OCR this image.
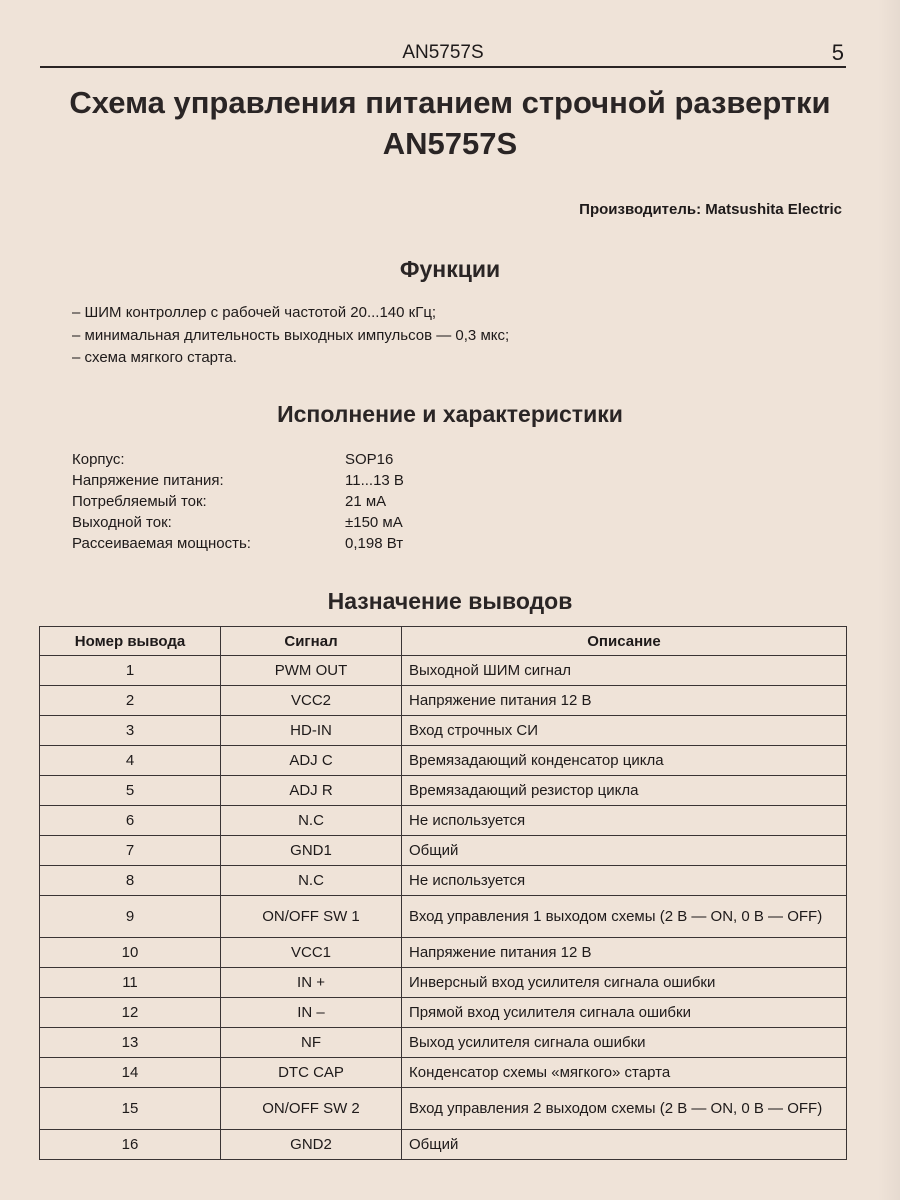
AN5757S	5
Схема управления питанием строчной развертки AN5757S
Производитель: Matsushita Electric
Функции
– ШИМ контроллер с рабочей частотой 20...140 кГц;
– минимальная длительность выходных импульсов — 0,3 мкс;
– схема мягкого старта.
Исполнение и характеристики
Корпус:	SOP16
Напряжение питания:	11...13 В
Потребляемый ток:	21 мА
Выходной ток:	±150 мА
Рассеиваемая мощность:	0,198 Вт
Назначение выводов
Номер вывода	Сигнал	Описание
1	PWM OUT	Выходной ШИМ сигнал
2	VCC2	Напряжение питания 12 В
3	HD-IN	Вход строчных СИ
4	ADJ C	Времязадающий конденсатор цикла
5	ADJ R	Времязадающий резистор цикла
6	N.C	Не используется
7	GND1	Общий
8	N.C	Не используется
9	ON/OFF SW 1	Вход управления 1 выходом схемы (2 В — ON, 0 В — OFF)
10	VCC1	Напряжение питания 12 В
11	IN +	Инверсный вход усилителя сигнала ошибки
12	IN –	Прямой вход усилителя сигнала ошибки
13	NF	Выход усилителя сигнала ошибки
14	DTC CAP	Конденсатор схемы «мягкого» старта
15	ON/OFF SW 2	Вход управления 2 выходом схемы (2 В — ON, 0 В — OFF)
16	GND2	Общий
